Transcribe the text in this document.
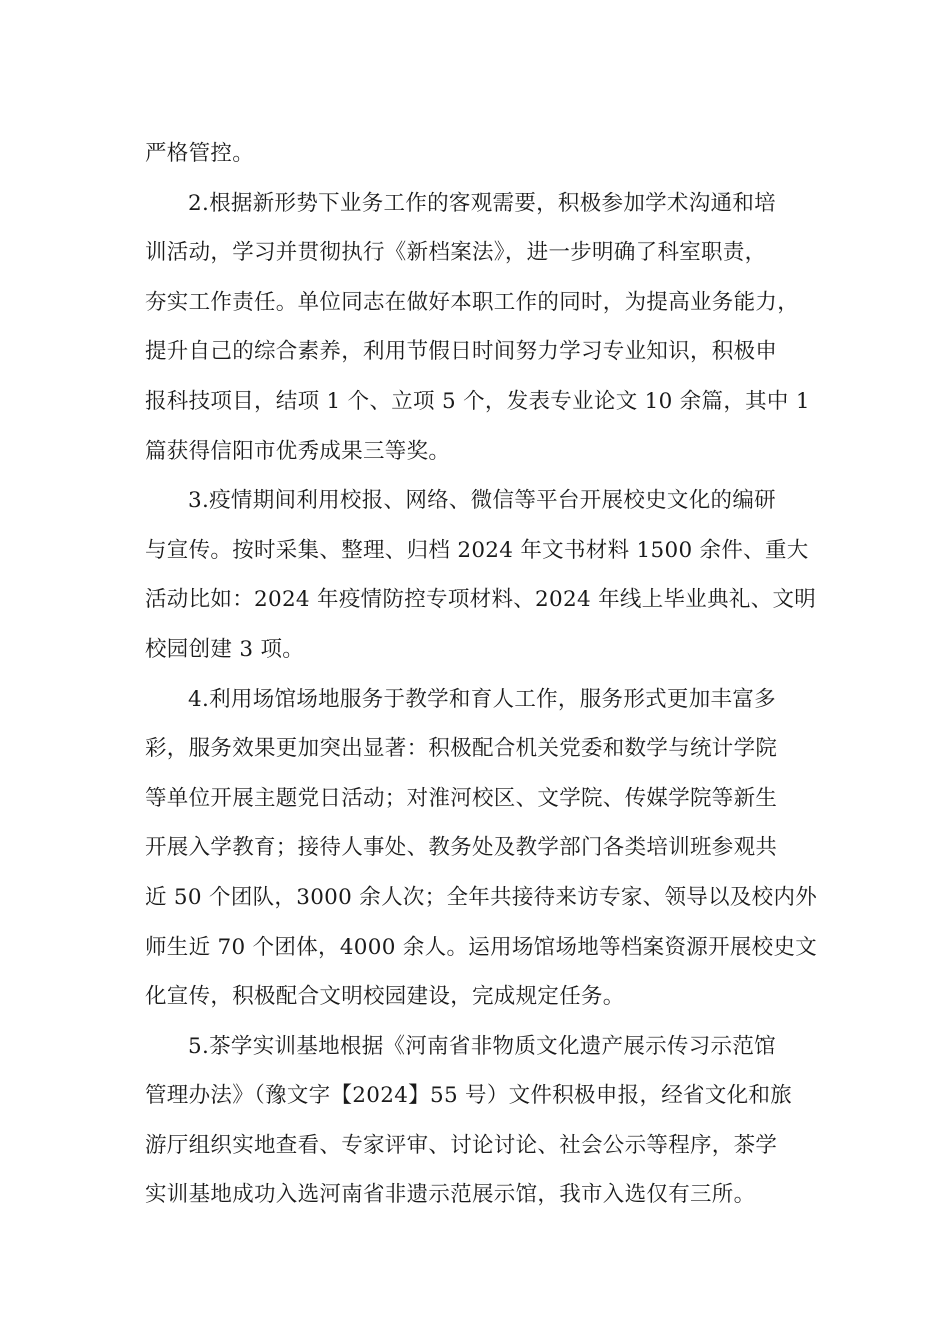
严格管控。
2.根据新形势下业务工作的客观需要，积极参加学术沟通和培
训活动，学习并贯彻执行《新档案法》，进一步明确了科室职责，
夯实工作责任。单位同志在做好本职工作的同时，为提高业务能力，
提升自己的综合素养，利用节假日时间努力学习专业知识，积极申
报科技项目，结项 1 个、立项 5 个，发表专业论文 10 余篇，其中 1
篇获得信阳市优秀成果三等奖。
3.疫情期间利用校报、网络、微信等平台开展校史文化的编研
与宣传。按时采集、整理、归档 2024 年文书材料 1500 余件、重大
活动比如：2024 年疫情防控专项材料、2024 年线上毕业典礼、文明
校园创建 3 项。
4.利用场馆场地服务于教学和育人工作，服务形式更加丰富多
彩，服务效果更加突出显著：积极配合机关党委和数学与统计学院
等单位开展主题党日活动；对淮河校区、文学院、传媒学院等新生
开展入学教育；接待人事处、教务处及教学部门各类培训班参观共
近 50 个团队，3000 余人次；全年共接待来访专家、领导以及校内外
师生近 70 个团体，4000 余人。运用场馆场地等档案资源开展校史文
化宣传，积极配合文明校园建设，完成规定任务。
5.茶学实训基地根据《河南省非物质文化遗产展示传习示范馆
管理办法》（豫文字【2024】55 号）文件积极申报，经省文化和旅
游厅组织实地查看、专家评审、讨论讨论、社会公示等程序，茶学
实训基地成功入选河南省非遗示范展示馆，我市入选仅有三所。
